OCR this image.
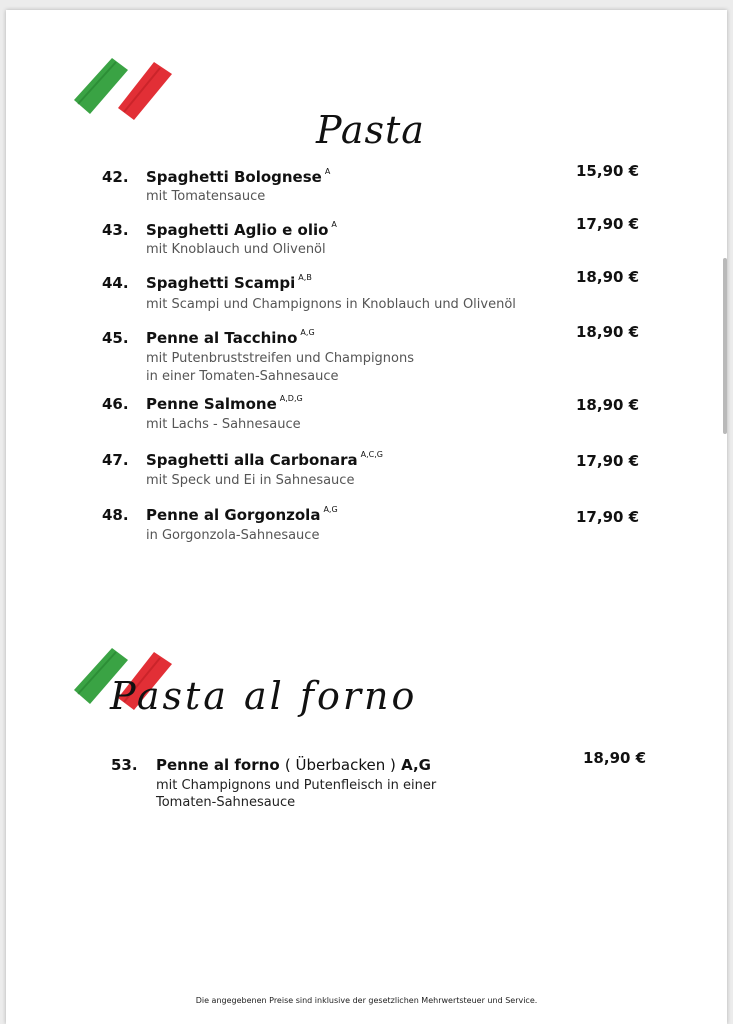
Pasta
42. Spaghetti Bolognese $^A$
mit Tomatensauce
15,90 €
43. Spaghetti Aglio e olio $^A$
mit Knoblauch und Olivenöl
17,90 €
44. Spaghetti Scampi $^{A,B}$
mit Scampi und Champignons in Knoblauch und Olivenöl
18,90 €
45. Penne al Tacchino $^{A,G}$
mit Putenbruststreifen und Champignons
in einer Tomaten-Sahnesauce
18,90 €
46. Penne Salmone $^{A,D,G}$
mit Lachs - Sahnesauce
18,90 €
47. Spaghetti alla Carbonara $^{A,C,G}$
mit Speck und Ei in Sahnesauce
17,90 €
48. Penne al Gorgonzola $^{A,G}$
in Gorgonzola-Sahnesauce
17,90 €
Pasta al forno
53. Penne al forno ( Überbacken ) A,G
mit Champignons und Putenfleisch in einer
Tomaten-Sahnesauce
18,90 €
Die angegebenen Preise sind inklusive der gesetzlichen Mehrwertsteuer und Service.
